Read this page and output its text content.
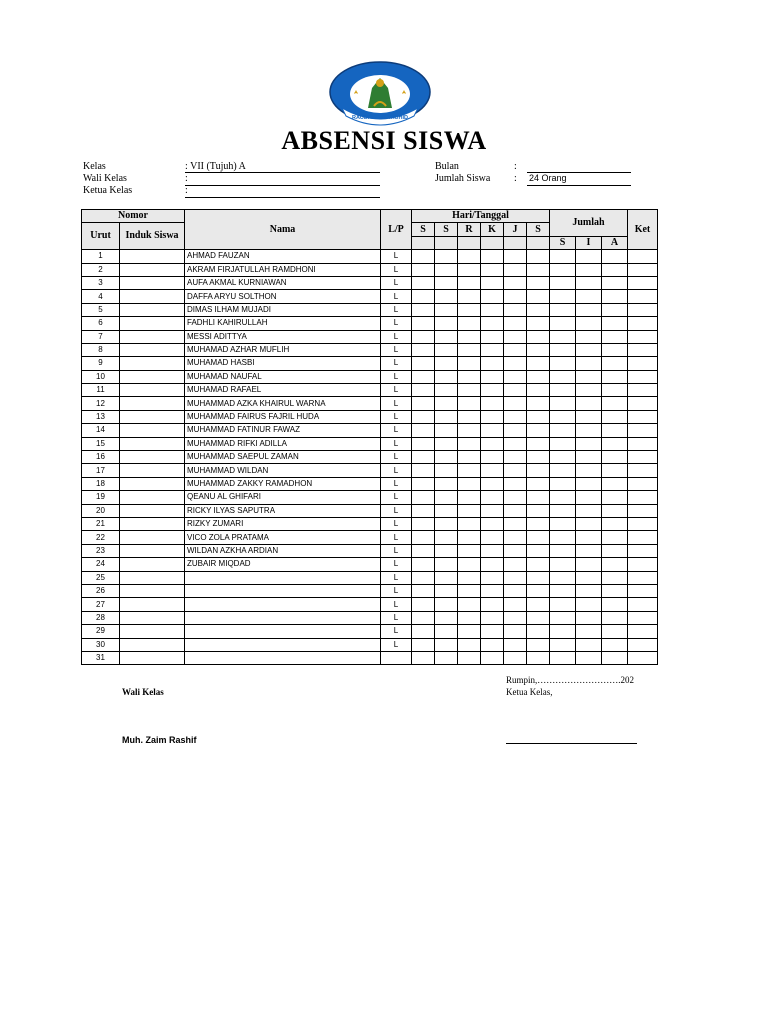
RAUDHATUT TAUHID
ABSENSI SISWA
Kelas	: VII (Tujuh) A
Wali Kelas	:
Ketua Kelas	:
Bulan	:
Jumlah Siswa : 24 Orang
Nomor		Nama	L/P	Hari/Tanggal						Jumlah			Ket
Urut	Induk Siswa			S	S	R	K	J	S				
										S	I	A	
1		AHMAD FAUZAN	L										
2		AKRAM FIRJATULLAH RAMDHONI	L										
3		AUFA AKMAL KURNIAWAN	L										
4		DAFFA ARYU SOLTHON	L										
5		DIMAS ILHAM MUJADI	L										
6		FADHLI KAHIRULLAH	L										
7		MESSI ADITTYA	L										
8		MUHAMAD AZHAR MUFLIH	L										
9		MUHAMAD HASBI	L										
10		MUHAMAD NAUFAL	L										
11		MUHAMAD RAFAEL	L										
12		MUHAMMAD AZKA KHAIRUL WARNA	L										
13		MUHAMMAD FAIRUS FAJRIL HUDA	L										
14		MUHAMMAD FATINUR FAWAZ	L										
15		MUHAMMAD RIFKI ADILLA	L										
16		MUHAMMAD SAEPUL ZAMAN	L										
17		MUHAMMAD WILDAN	L										
18		MUHAMMAD ZAKKY RAMADHON	L										
19		QEANU AL GHIFARI	L										
20		RICKY ILYAS SAPUTRA	L										
21		RIZKY ZUMARI	L										
22		VICO ZOLA PRATAMA	L										
23		WILDAN AZKHA ARDIAN	L										
24		ZUBAIR MIQDAD	L										
25			L										
26			L										
27			L										
28			L										
29			L										
30			L										
31													
Rumpin,……………………….202
Wali Kelas	Ketua Kelas,
Muh. Zaim Rashif
